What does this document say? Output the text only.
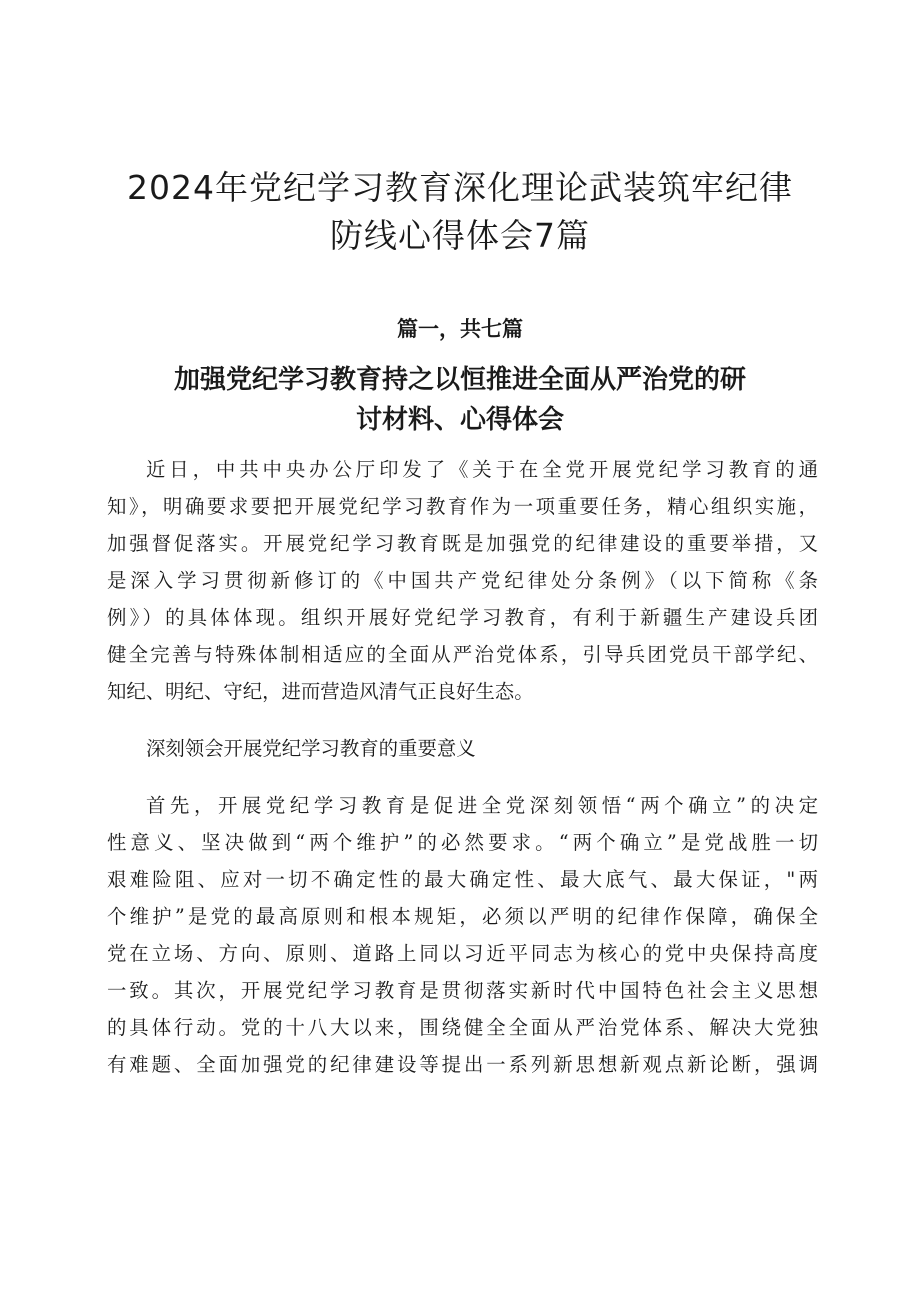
2024年党纪学习教育深化理论武装筑牢纪律
防线心得体会7篇
篇一，共七篇
加强党纪学习教育持之以恒推进全面从严治党的研
讨材料、心得体会
近日，中共中央办公厅印发了《关于在全党开展党纪学习教育的通
知》，明确要求要把开展党纪学习教育作为一项重要任务，精心组织实施，
加强督促落实。开展党纪学习教育既是加强党的纪律建设的重要举措，又
是深入学习贯彻新修订的《中国共产党纪律处分条例》（以下简称《条
例》）的具体体现。组织开展好党纪学习教育，有利于新疆生产建设兵团
健全完善与特殊体制相适应的全面从严治党体系，引导兵团党员干部学纪、
知纪、明纪、守纪，进而营造风清气正良好生态。
深刻领会开展党纪学习教育的重要意义
首先，开展党纪学习教育是促进全党深刻领悟“两个确立”的决定
性意义、坚决做到“两个维护”的必然要求。“两个确立”是党战胜一切
艰难险阻、应对一切不确定性的最大确定性、最大底气、最大保证，"两
个维护”是党的最高原则和根本规矩，必须以严明的纪律作保障，确保全
党在立场、方向、原则、道路上同以习近平同志为核心的党中央保持高度
一致。其次，开展党纪学习教育是贯彻落实新时代中国特色社会主义思想
的具体行动。党的十八大以来，围绕健全全面从严治党体系、解决大党独
有难题、全面加强党的纪律建设等提出一系列新思想新观点新论断，强调
